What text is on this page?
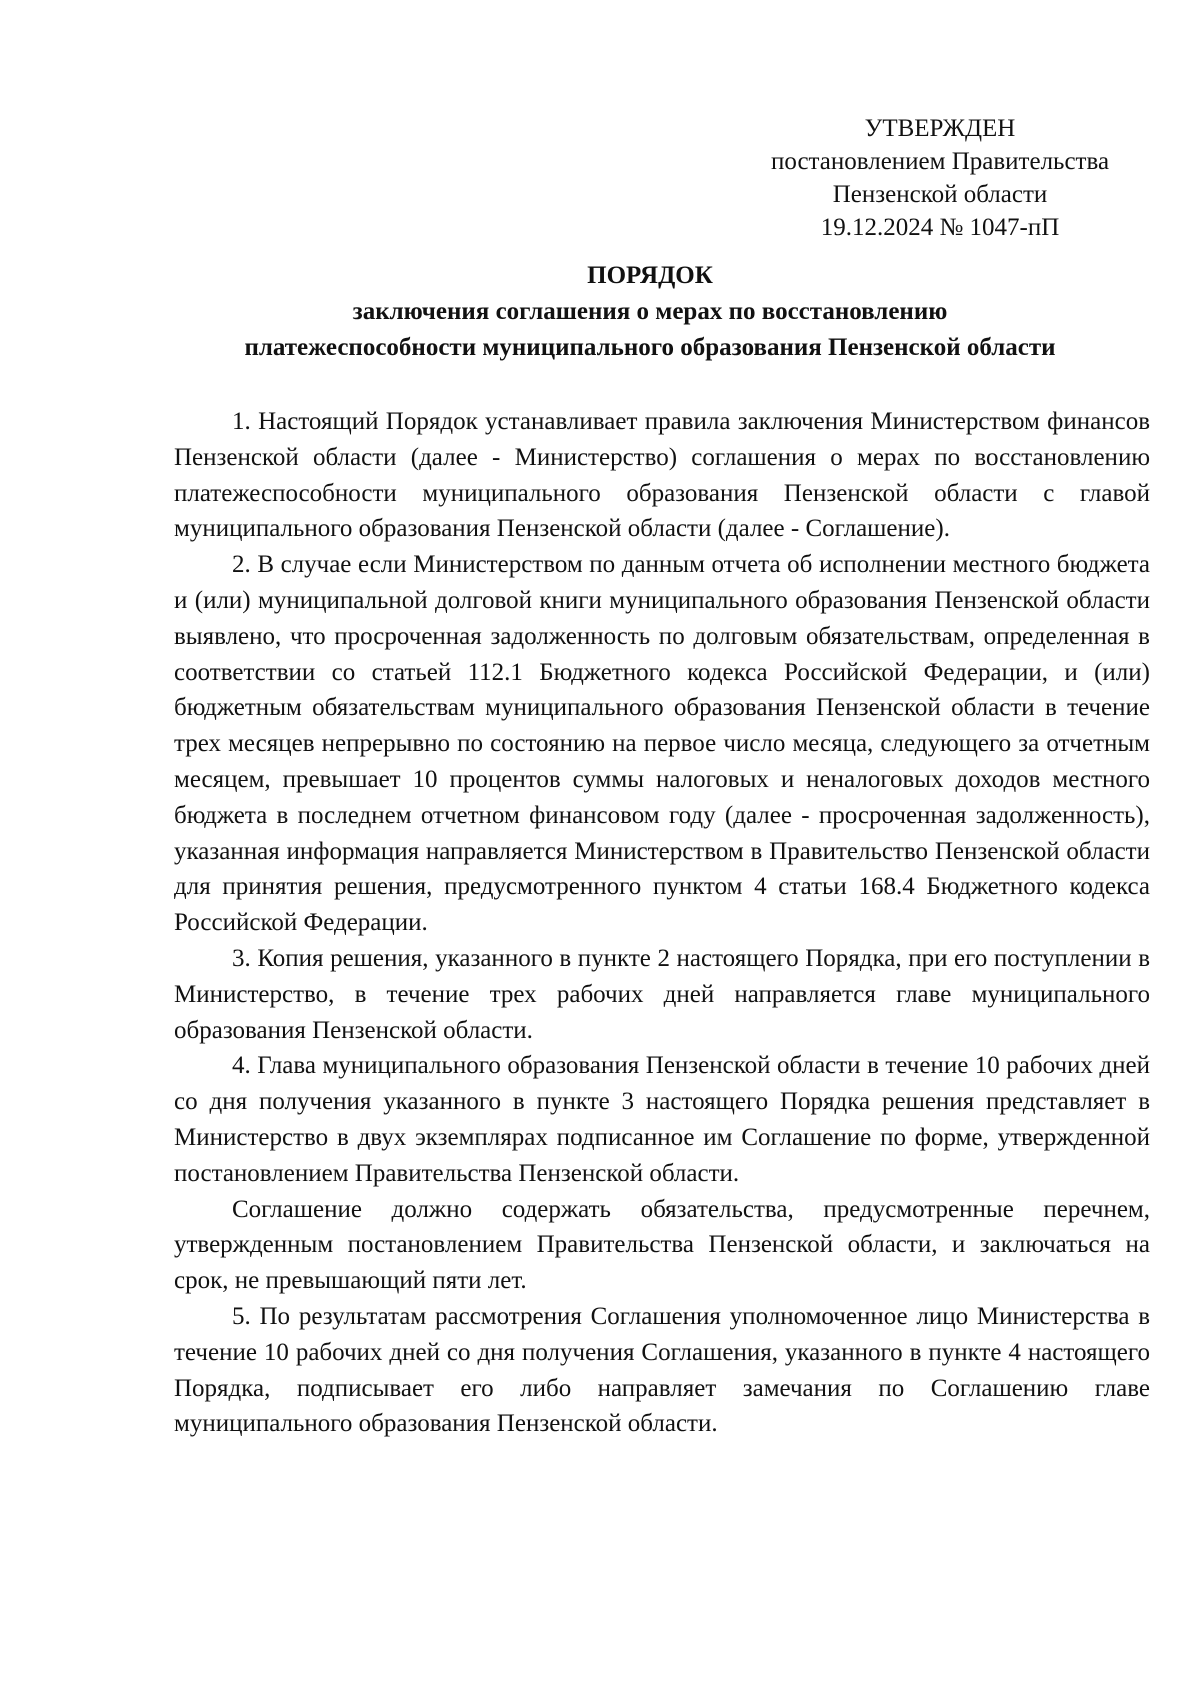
УТВЕРЖДЕН
постановлением Правительства
Пензенской области
19.12.2024 № 1047-пП
ПОРЯДОК
заключения соглашения о мерах по восстановлению
платежеспособности муниципального образования Пензенской области

1. Настоящий Порядок устанавливает правила заключения Министерством финансов Пензенской области (далее - Министерство) соглашения о мерах по восстановлению платежеспособности муниципального образования Пензенской области с главой муниципального образования Пензенской области (далее - Соглашение).

2. В случае если Министерством по данным отчета об исполнении местного бюджета и (или) муниципальной долговой книги муниципального образования Пензенской области выявлено, что просроченная задолженность по долговым обязательствам, определенная в соответствии со статьей 112.1 Бюджетного кодекса Российской Федерации, и (или) бюджетным обязательствам муниципального образования Пензенской области в течение трех месяцев непрерывно по состоянию на первое число месяца, следующего за отчетным месяцем, превышает 10 процентов суммы налоговых и неналоговых доходов местного бюджета в последнем отчетном финансовом году (далее - просроченная задолженность), указанная информация направляется Министерством в Правительство Пензенской области для принятия решения, предусмотренного пунктом 4 статьи 168.4 Бюджетного кодекса Российской Федерации.

3. Копия решения, указанного в пункте 2 настоящего Порядка, при его поступлении в Министерство, в течение трех рабочих дней направляется главе муниципального образования Пензенской области.

4. Глава муниципального образования Пензенской области в течение 10 рабочих дней со дня получения указанного в пункте 3 настоящего Порядка решения представляет в Министерство в двух экземплярах подписанное им Соглашение по форме, утвержденной постановлением Правительства Пензенской области.

Соглашение должно содержать обязательства, предусмотренные перечнем, утвержденным постановлением Правительства Пензенской области, и заключаться на срок, не превышающий пяти лет.

5. По результатам рассмотрения Соглашения уполномоченное лицо Министерства в течение 10 рабочих дней со дня получения Соглашения, указанного в пункте 4 настоящего Порядка, подписывает его либо направляет замечания по Соглашению главе муниципального образования Пензенской области.
